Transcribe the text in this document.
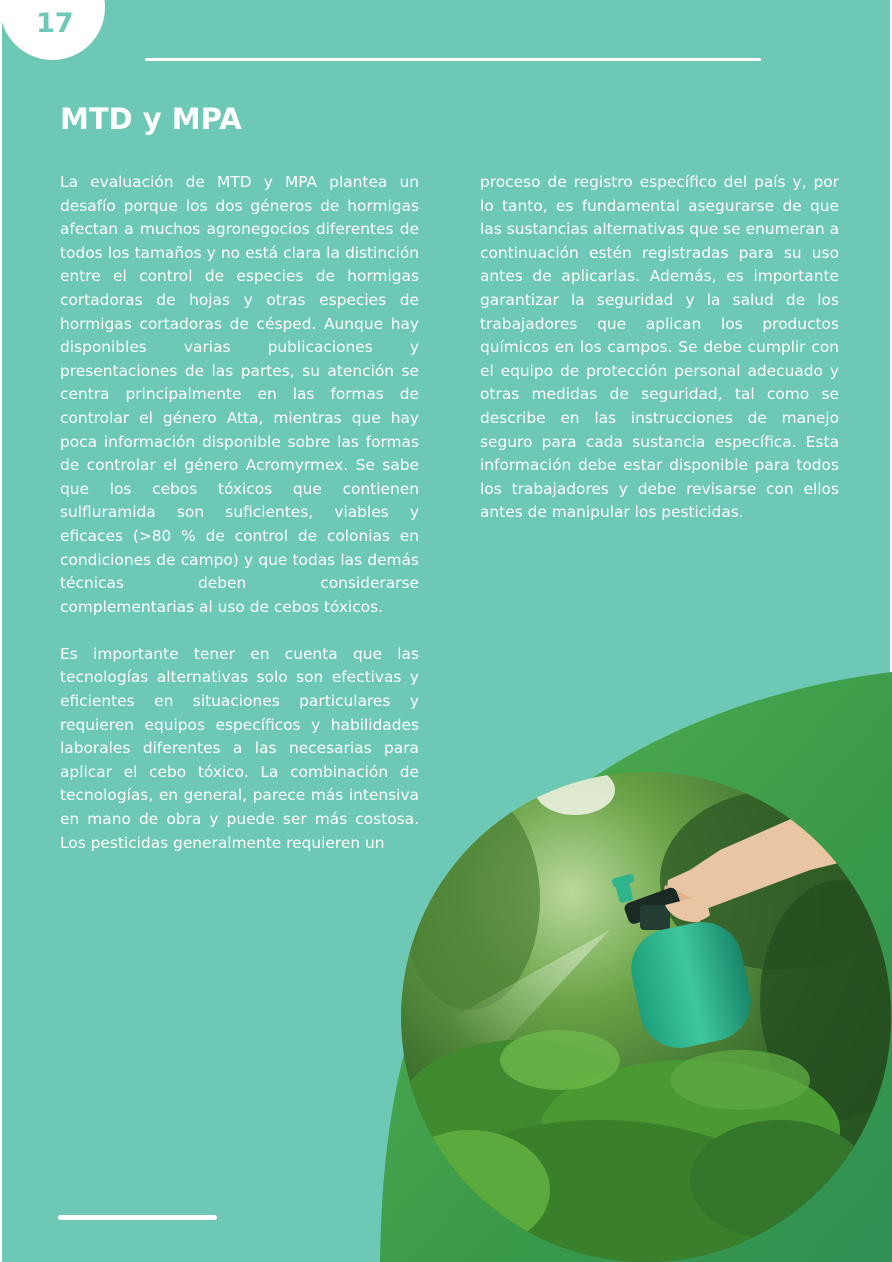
17
MTD y MPA

La evaluación de MTD y MPA plantea un desafío porque los dos géneros de hormigas afectan a muchos agronegocios diferentes de todos los tamaños y no está clara la distinción entre el control de especies de hormigas cortadoras de hojas y otras especies de hormigas cortadoras de césped. Aunque hay disponibles varias publicaciones y presentaciones de las partes, su atención se centra principalmente en las formas de controlar el género Atta, mientras que hay poca información disponible sobre las formas de controlar el género Acromyrmex. Se sabe que los cebos tóxicos que contienen sulfluramida son suficientes, viables y eficaces (>80 % de control de colonias en condiciones de campo) y que todas las demás técnicas deben considerarse complementarias al uso de cebos tóxicos.

Es importante tener en cuenta que las tecnologías alternativas solo son efectivas y eficientes en situaciones particulares y requieren equipos específicos y habilidades laborales diferentes a las necesarias para aplicar el cebo tóxico. La combinación de tecnologías, en general, parece más intensiva en mano de obra y puede ser más costosa. Los pesticidas generalmente requieren un

proceso de registro específico del país y, por lo tanto, es fundamental asegurarse de que las sustancias alternativas que se enumeran a continuación estén registradas para su uso antes de aplicarlas. Además, es importante garantizar la seguridad y la salud de los trabajadores que aplican los productos químicos en los campos. Se debe cumplir con el equipo de protección personal adecuado y otras medidas de seguridad, tal como se describe en las instrucciones de manejo seguro para cada sustancia específica. Esta información debe estar disponible para todos los trabajadores y debe revisarse con ellos antes de manipular los pesticidas.
